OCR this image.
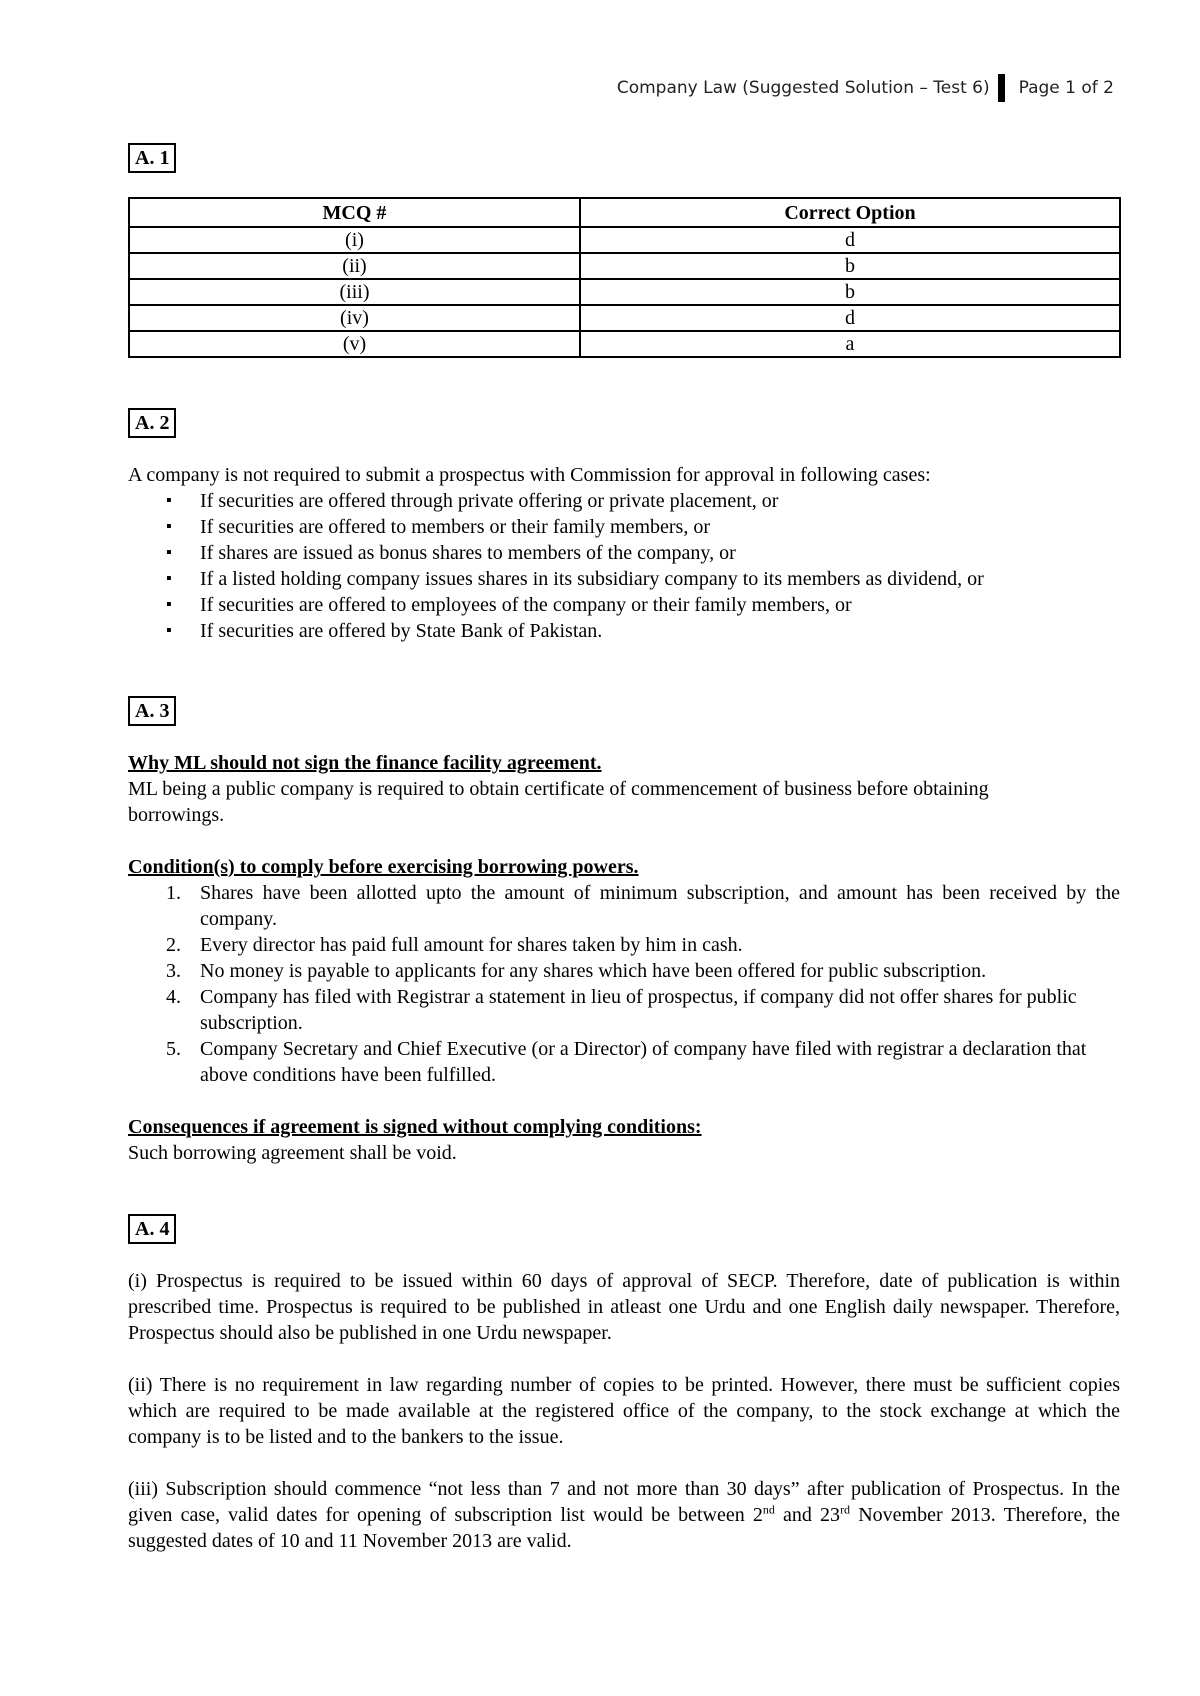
Company Law (Suggested Solution – Test 6) Page 1 of 2
A. 1
MCQ #	Correct Option
(i)	d
(ii)	b
(iii)	b
(iv)	d
(v)	a
A. 2

A company is not required to submit a prospectus with Commission for approval in following cases:

▪ If securities are offered through private offering or private placement, or
▪ If securities are offered to members or their family members, or
▪ If shares are issued as bonus shares to members of the company, or
▪ If a listed holding company issues shares in its subsidiary company to its members as dividend, or
▪ If securities are offered to employees of the company or their family members, or
▪ If securities are offered by State Bank of Pakistan.
A. 3

Why ML should not sign the finance facility agreement.

ML being a public company is required to obtain certificate of commencement of business before obtaining borrowings.

Condition(s) to comply before exercising borrowing powers.

1. Shares have been allotted upto the amount of minimum subscription, and amount has been received by the company.
2. Every director has paid full amount for shares taken by him in cash.
3. No money is payable to applicants for any shares which have been offered for public subscription.
4. Company has filed with Registrar a statement in lieu of prospectus, if company did not offer shares for public subscription.
5. Company Secretary and Chief Executive (or a Director) of company have filed with registrar a declaration that above conditions have been fulfilled.

Consequences if agreement is signed without complying conditions:

Such borrowing agreement shall be void.

A. 4

(i) Prospectus is required to be issued within 60 days of approval of SECP. Therefore, date of publication is within prescribed time. Prospectus is required to be published in atleast one Urdu and one English daily newspaper. Therefore, Prospectus should also be published in one Urdu newspaper.

(ii) There is no requirement in law regarding number of copies to be printed. However, there must be sufficient copies which are required to be made available at the registered office of the company, to the stock exchange at which the company is to be listed and to the bankers to the issue.

(iii) Subscription should commence “not less than 7 and not more than 30 days” after publication of Prospectus. In the given case, valid dates for opening of subscription list would be between 2nd and 23rd November 2013. Therefore, the suggested dates of 10 and 11 November 2013 are valid.
